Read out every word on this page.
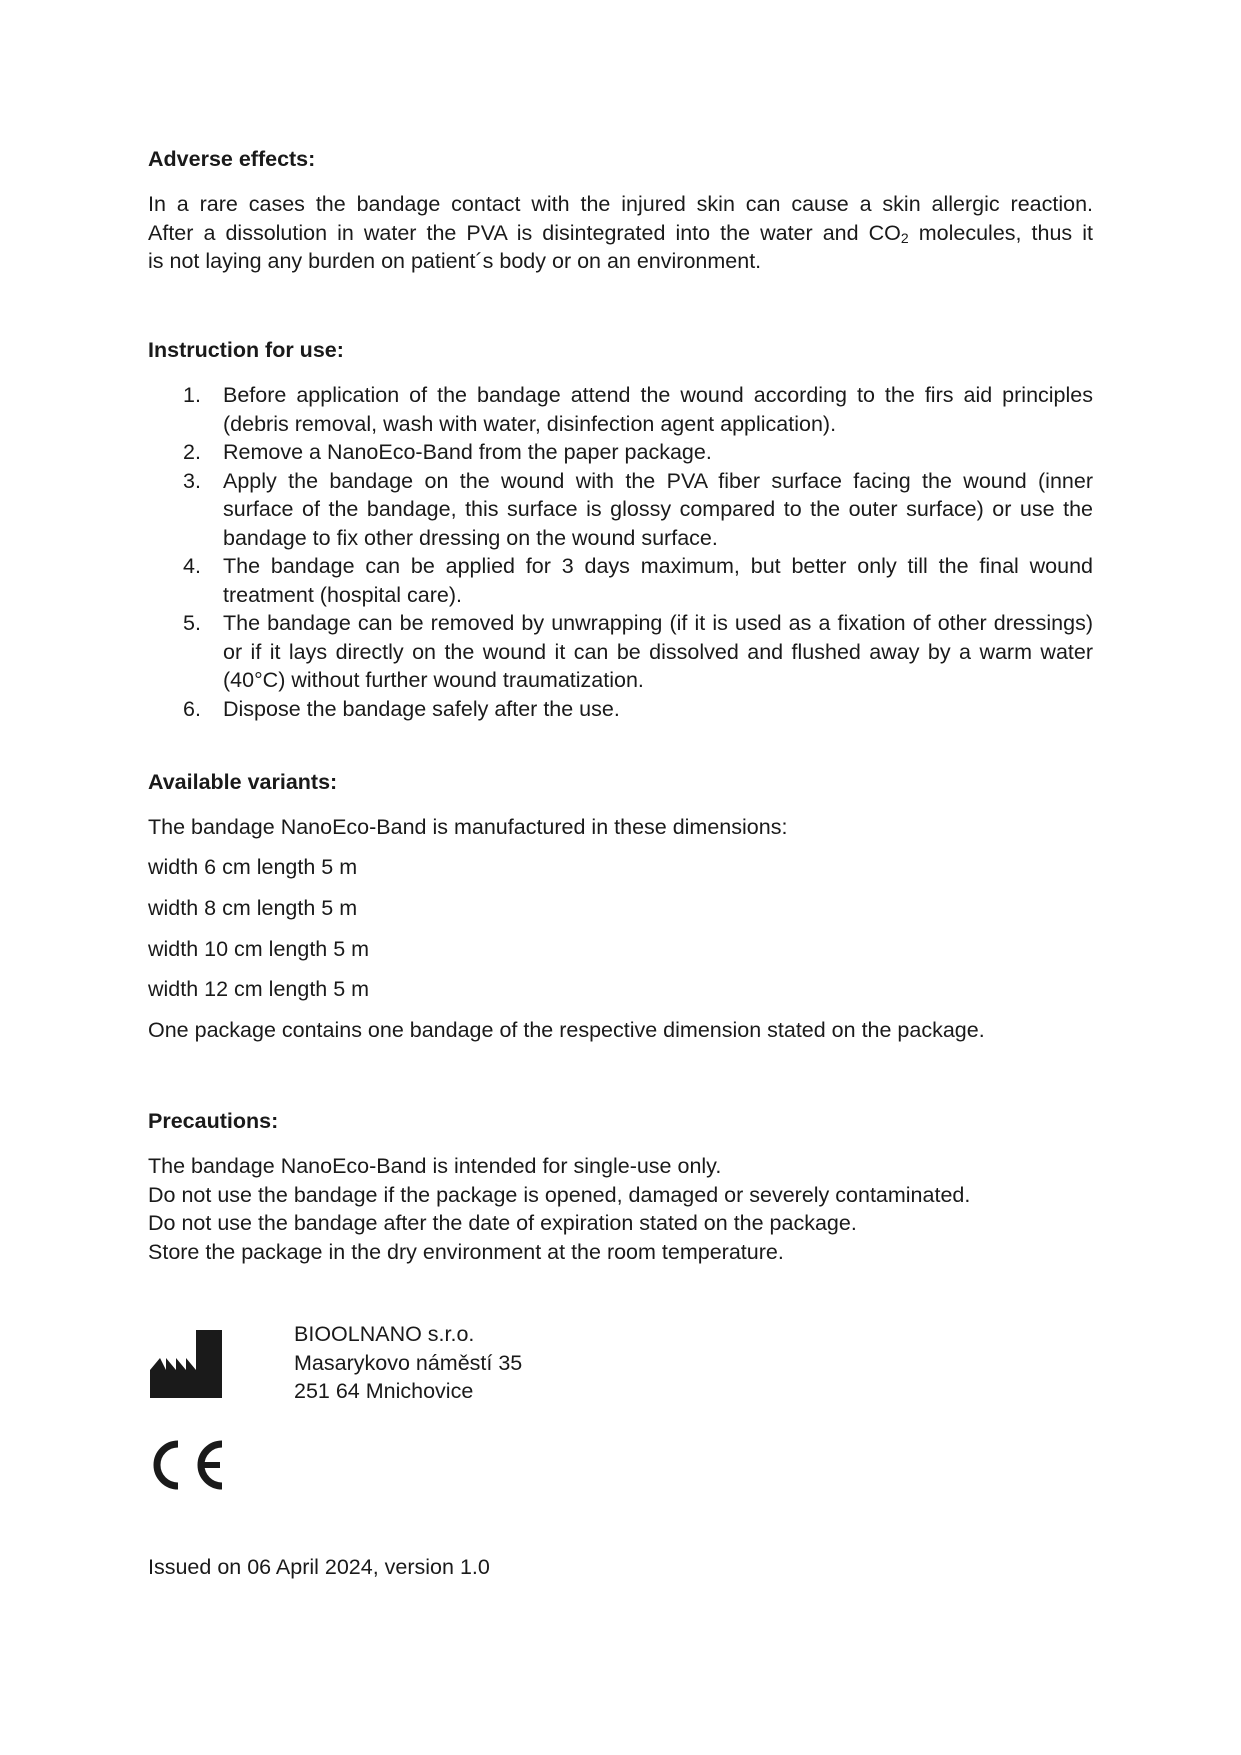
Adverse effects:
In a rare cases the bandage contact with the injured skin can cause a skin allergic reaction.
After a dissolution in water the PVA is disintegrated into the water and $CO_2$ molecules, thus it
is not laying any burden on patient´s body or on an environment.
Instruction for use:
1.	Before application of the bandage attend the wound according to the firs aid principles (debris removal, wash with water, disinfection agent application).
2.	Remove a NanoEco-Band from the paper package.
3.	Apply the bandage on the wound with the PVA fiber surface facing the wound (inner surface of the bandage, this surface is glossy compared to the outer surface) or use the bandage to fix other dressing on the wound surface.
4.	The bandage can be applied for 3 days maximum, but better only till the final wound treatment (hospital care).
5.	The bandage can be removed by unwrapping (if it is used as a fixation of other dressings) or if it lays directly on the wound it can be dissolved and flushed away by a warm water (40°C) without further wound traumatization.
6.	Dispose the bandage safely after the use.
Available variants:
The bandage NanoEco-Band is manufactured in these dimensions:
width 6 cm length 5 m
width 8 cm length 5 m
width 10 cm length 5 m
width 12 cm length 5 m
One package contains one bandage of the respective dimension stated on the package.
Precautions:
The bandage NanoEco-Band is intended for single-use only.
Do not use the bandage if the package is opened, damaged or severely contaminated.
Do not use the bandage after the date of expiration stated on the package.
Store the package in the dry environment at the room temperature.
BIOOLNANO s.r.o.
Masarykovo náměstí 35
251 64 Mnichovice
Issued on 06 April 2024, version 1.0
